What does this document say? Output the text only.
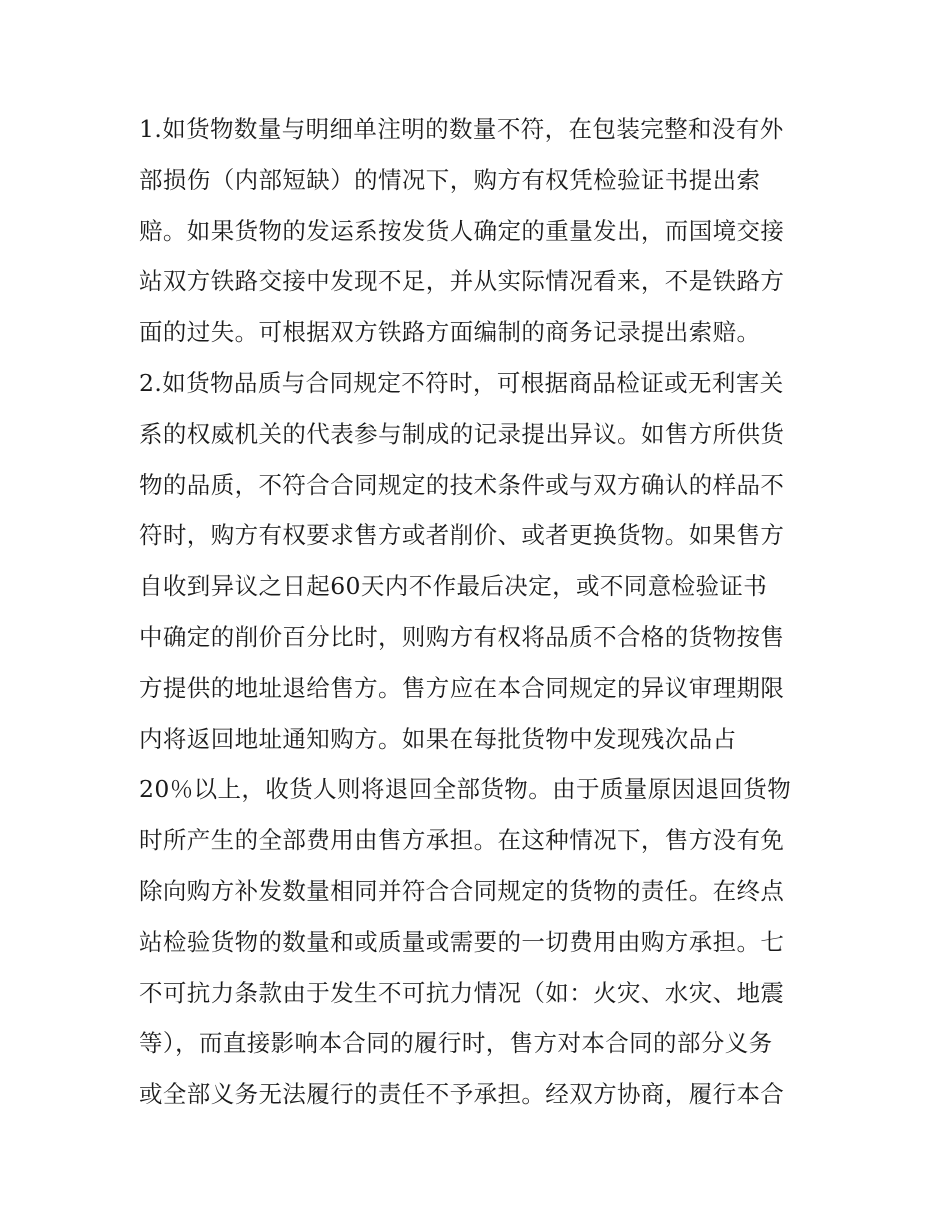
1.如货物数量与明细单注明的数量不符，在包装完整和没有外
部损伤（内部短缺）的情况下，购方有权凭检验证书提出索
赔。如果货物的发运系按发货人确定的重量发出，而国境交接
站双方铁路交接中发现不足，并从实际情况看来，不是铁路方
面的过失。可根据双方铁路方面编制的商务记录提出索赔。
2.如货物品质与合同规定不符时，可根据商品检证或无利害关
系的权威机关的代表参与制成的记录提出异议。如售方所供货
物的品质，不符合合同规定的技术条件或与双方确认的样品不
符时，购方有权要求售方或者削价、或者更换货物。如果售方
自收到异议之日起60天内不作最后决定，或不同意检验证书
中确定的削价百分比时，则购方有权将品质不合格的货物按售
方提供的地址退给售方。售方应在本合同规定的异议审理期限
内将返回地址通知购方。如果在每批货物中发现残次品占
20％以上，收货人则将退回全部货物。由于质量原因退回货物
时所产生的全部费用由售方承担。在这种情况下，售方没有免
除向购方补发数量相同并符合合同规定的货物的责任。在终点
站检验货物的数量和或质量或需要的一切费用由购方承担。七
不可抗力条款由于发生不可抗力情况（如：火灾、水灾、地震
等），而直接影响本合同的履行时，售方对本合同的部分义务
或全部义务无法履行的责任不予承担。经双方协商，履行本合
